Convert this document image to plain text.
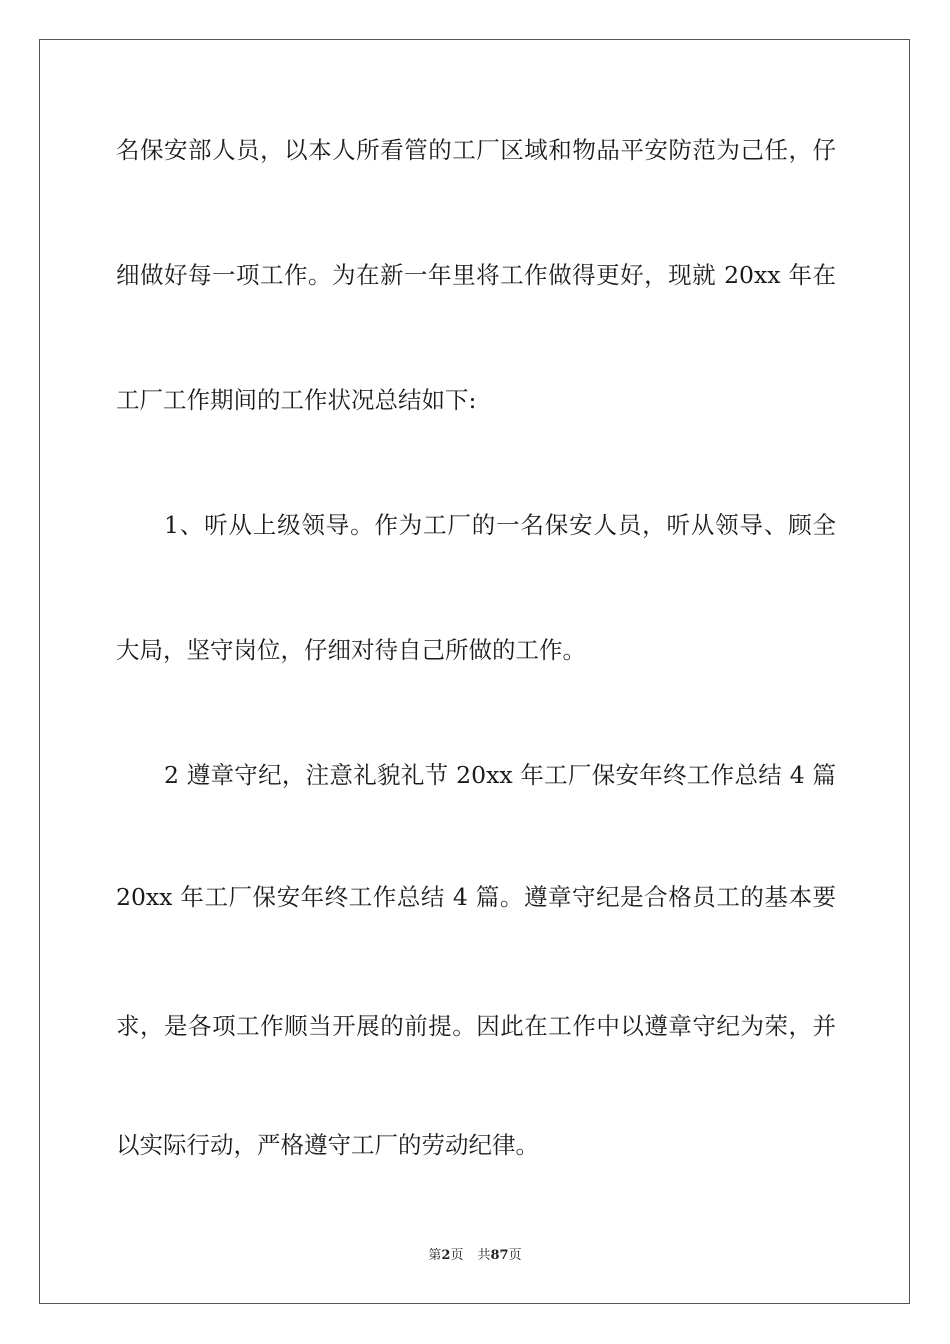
名保安部人员，以本人所看管的工厂区域和物品平安防范为己任，仔
细做好每一项工作。为在新一年里将工作做得更好，现就 20xx 年在
工厂工作期间的工作状况总结如下:
1、听从上级领导。作为工厂的一名保安人员，听从领导、顾全
大局，坚守岗位，仔细对待自己所做的工作。
2 遵章守纪，注意礼貌礼节 20xx 年工厂保安年终工作总结 4 篇
20xx 年工厂保安年终工作总结 4 篇。遵章守纪是合格员工的基本要
求，是各项工作顺当开展的前提。因此在工作中以遵章守纪为荣，并
以实际行动，严格遵守工厂的劳动纪律。
第2页 共87页
